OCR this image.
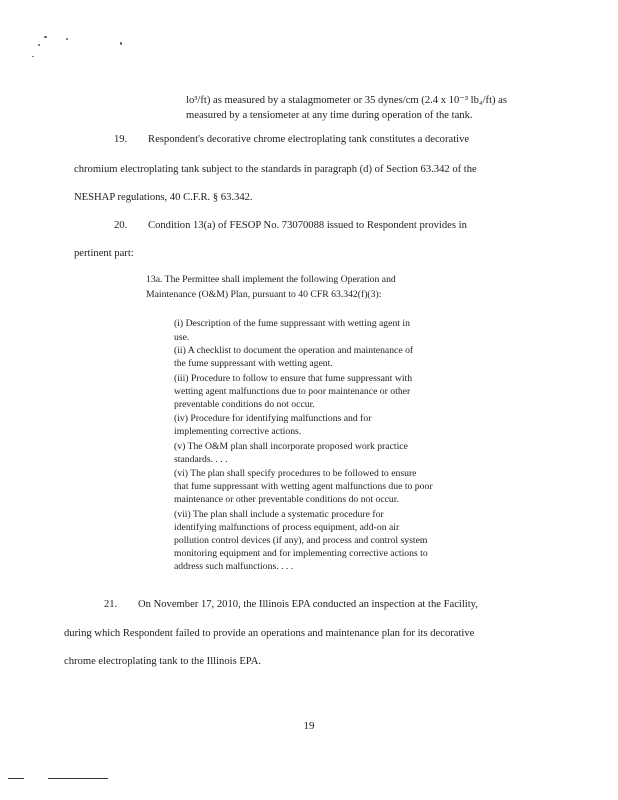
lo³/ft) as measured by a stalagmometer or 35 dynes/cm (2.4 x 10⁻³ lb₄/ft) as
measured by a tensiometer at any time during operation of the tank.
19. Respondent's decorative chrome electroplating tank constitutes a decorative
chromium electroplating tank subject to the standards in paragraph (d) of Section 63.342 of the
NESHAP regulations, 40 C.F.R. § 63.342.
20. Condition 13(a) of FESOP No. 73070088 issued to Respondent provides in
pertinent part:
13a. The Permittee shall implement the following Operation and
Maintenance (O&M) Plan, pursuant to 40 CFR 63.342(f)(3):
(i) Description of the fume suppressant with wetting agent in
use.
(ii) A checklist to document the operation and maintenance of
the fume suppressant with wetting agent.
(iii) Procedure to follow to ensure that fume suppressant with
wetting agent malfunctions due to poor maintenance or other
preventable conditions do not occur.
(iv) Procedure for identifying malfunctions and for
implementing corrective actions.
(v) The O&M plan shall incorporate proposed work practice
standards. . . .
(vi) The plan shall specify procedures to be followed to ensure
that fume suppressant with wetting agent malfunctions due to poor
maintenance or other preventable conditions do not occur.
(vii) The plan shall include a systematic procedure for
identifying malfunctions of process equipment, add-on air
pollution control devices (if any), and process and control system
monitoring equipment and for implementing corrective actions to
address such malfunctions. . . .
21. On November 17, 2010, the Illinois EPA conducted an inspection at the Facility,
during which Respondent failed to provide an operations and maintenance plan for its decorative
chrome electroplating tank to the Illinois EPA.
19
